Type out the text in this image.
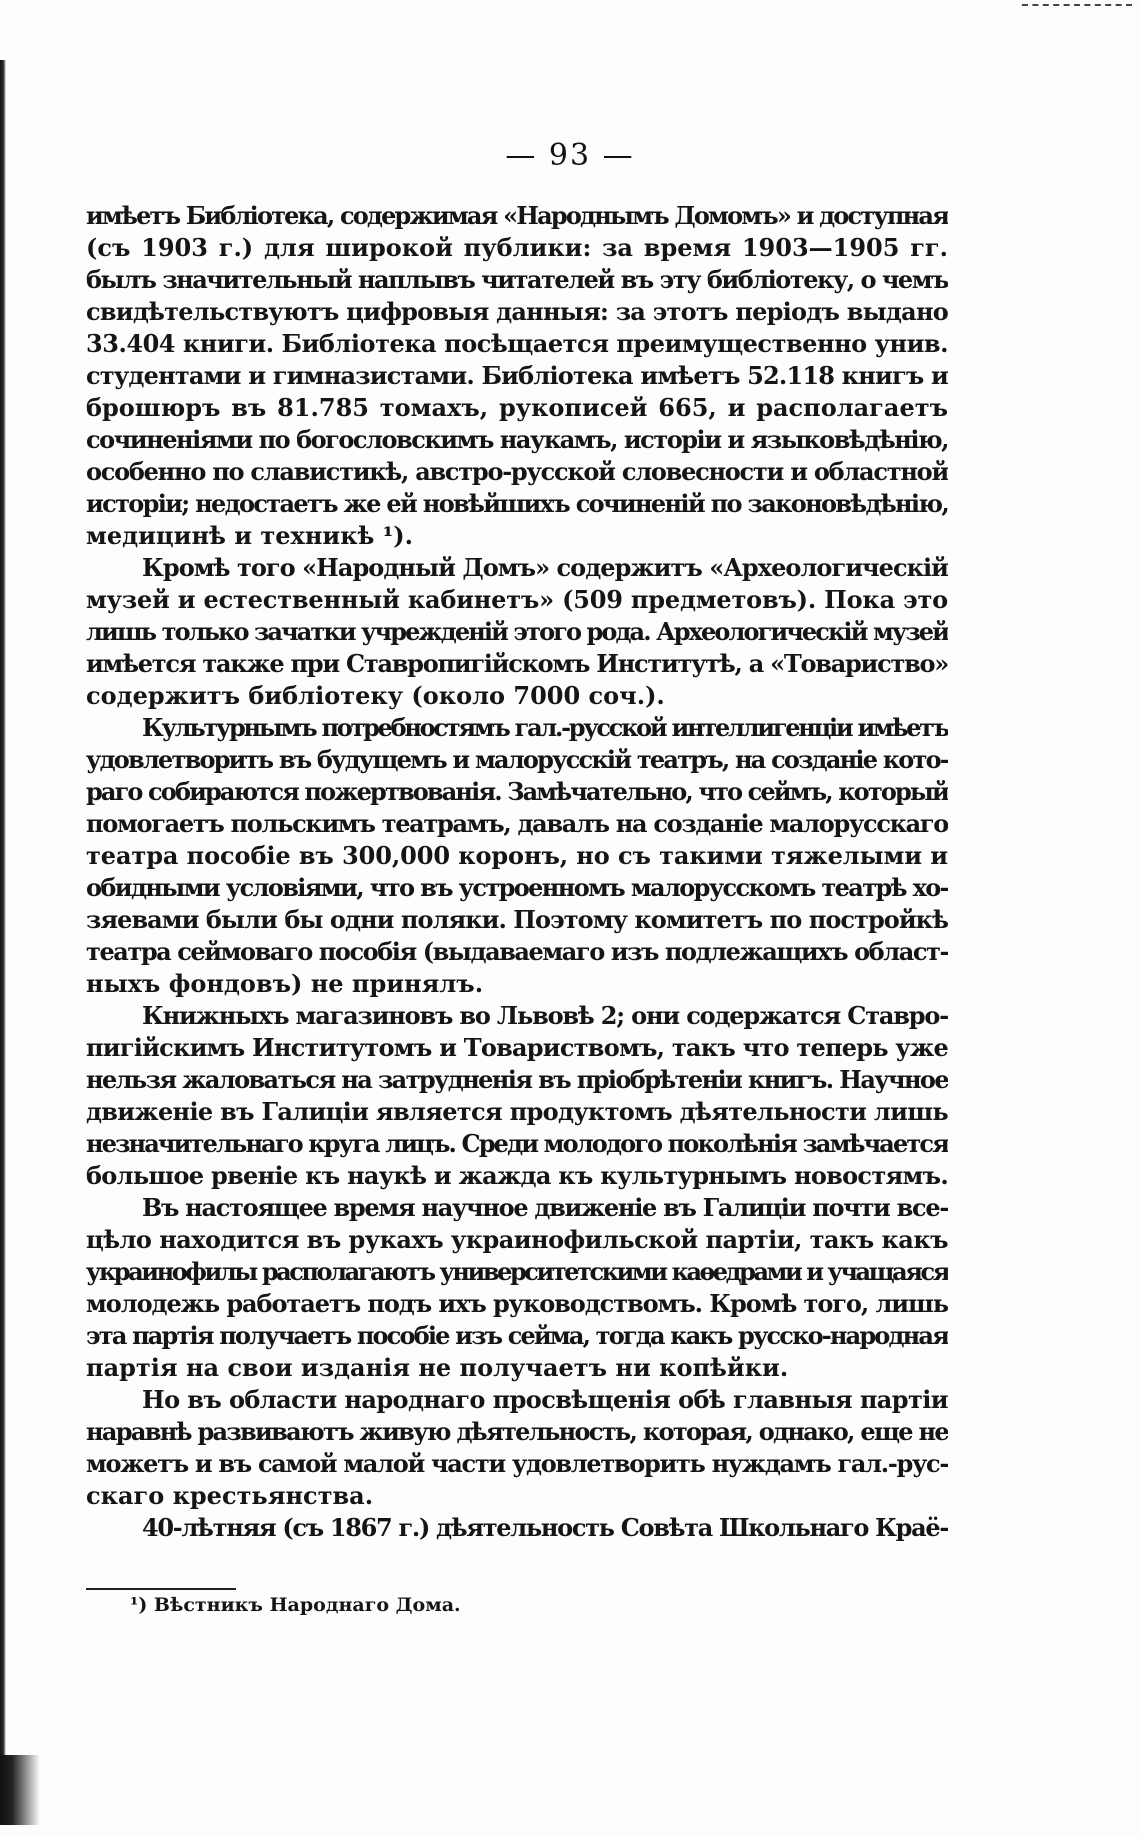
— 93 —
имѣетъ Библіотека, содержимая «Народнымъ Домомъ» и доступная
(съ 1903 г.) для широкой публики: за время 1903—1905 гг.
былъ значительный наплывъ читателей въ эту библіотеку, о чемъ
свидѣтельствуютъ цифровыя данныя: за этотъ періодъ выдано
33.404 книги. Библіотека посѣщается преимущественно унив.
студентами и гимназистами. Библіотека имѣетъ 52.118 книгъ и
брошюръ въ 81.785 томахъ, рукописей 665, и располагаетъ
сочиненіями по богословскимъ наукамъ, исторіи и языковѣдѣнію,
особенно по славистикѣ, австро-русской словесности и областной
исторіи; недостаетъ же ей новѣйшихъ сочиненій по законовѣдѣнію,
медицинѣ и техникѣ ¹).
Кромѣ того «Народный Домъ» содержитъ «Археологическій
музей и естественный кабинетъ» (509 предметовъ). Пока это
лишь только зачатки учрежденій этого рода. Археологическій музей
имѣется также при Ставропигійскомъ Институтѣ, а «Товариство»
содержитъ библіотеку (около 7000 соч.).
Культурнымъ потребностямъ гал.-русской интеллигенціи имѣетъ
удовлетворить въ будущемъ и малорусскій театръ, на созданіе кото-
раго собираются пожертвованія. Замѣчательно, что сеймъ, который
помогаетъ польскимъ театрамъ, давалъ на созданіе малорусскаго
театра пособіе въ 300,000 коронъ, но съ такими тяжелыми и
обидными условіями, что въ устроенномъ малорусскомъ театрѣ хо-
зяевами были бы одни поляки. Поэтому комитетъ по постройкѣ
театра сеймоваго пособія (выдаваемаго изъ подлежащихъ област-
ныхъ фондовъ) не принялъ.
Книжныхъ магазиновъ во Львовѣ 2; они содержатся Ставро-
пигійскимъ Институтомъ и Товариствомъ, такъ что теперь уже
нельзя жаловаться на затрудненія въ пріобрѣтеніи книгъ. Научное
движеніе въ Галиціи является продуктомъ дѣятельности лишь
незначительнаго круга лицъ. Среди молодого поколѣнія замѣчается
большое рвеніе къ наукѣ и жажда къ культурнымъ новостямъ.
Въ настоящее время научное движеніе въ Галиціи почти все-
цѣло находится въ рукахъ украинофильской партіи, такъ какъ
украинофилы располагаютъ университетскими каѳедрами и учащаяся
молодежь работаетъ подъ ихъ руководствомъ. Кромѣ того, лишь
эта партія получаетъ пособіе изъ сейма, тогда какъ русско-народная
партія на свои изданія не получаетъ ни копѣйки.
Но въ области народнаго просвѣщенія обѣ главныя партіи
наравнѣ развиваютъ живую дѣятельность, которая, однако, еще не
можетъ и въ самой малой части удовлетворить нуждамъ гал.-рус-
скаго крестьянства.
40-лѣтняя (съ 1867 г.) дѣятельность Совѣта Школьнаго Краё-
¹) Вѣстникъ Народнаго Дома.
